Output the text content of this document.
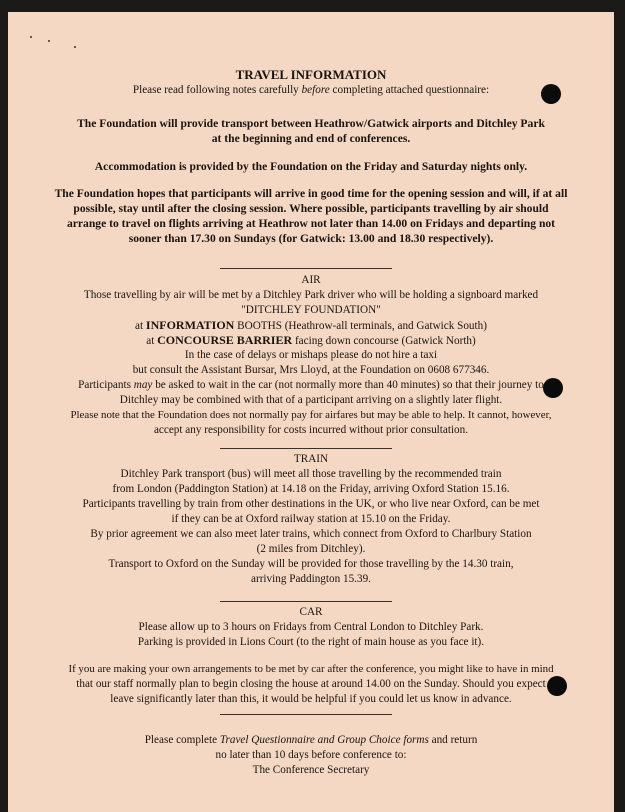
TRAVEL INFORMATION
Please read following notes carefully before completing attached questionnaire:
The Foundation will provide transport between Heathrow/Gatwick airports and Ditchley Park
at the beginning and end of conferences.
Accommodation is provided by the Foundation on the Friday and Saturday nights only.
The Foundation hopes that participants will arrive in good time for the opening session and will, if at all
possible, stay until after the closing session. Where possible, participants travelling by air should
arrange to travel on flights arriving at Heathrow not later than 14.00 on Fridays and departing not
sooner than 17.30 on Sundays (for Gatwick: 13.00 and 18.30 respectively).
AIR
Those travelling by air will be met by a Ditchley Park driver who will be holding a signboard marked
"DITCHLEY FOUNDATION"
at INFORMATION BOOTHS (Heathrow-all terminals, and Gatwick South)
at CONCOURSE BARRIER facing down concourse (Gatwick North)
In the case of delays or mishaps please do not hire a taxi
but consult the Assistant Bursar, Mrs Lloyd, at the Foundation on 0608 677346.
Participants may be asked to wait in the car (not normally more than 40 minutes) so that their journey to
Ditchley may be combined with that of a participant arriving on a slightly later flight.
Please note that the Foundation does not normally pay for airfares but may be able to help. It cannot, however,
accept any responsibility for costs incurred without prior consultation.
TRAIN
Ditchley Park transport (bus) will meet all those travelling by the recommended train
from London (Paddington Station) at 14.18 on the Friday, arriving Oxford Station 15.16.
Participants travelling by train from other destinations in the UK, or who live near Oxford, can be met
if they can be at Oxford railway station at 15.10 on the Friday.
By prior agreement we can also meet later trains, which connect from Oxford to Charlbury Station
(2 miles from Ditchley).
Transport to Oxford on the Sunday will be provided for those travelling by the 14.30 train,
arriving Paddington 15.39.
CAR
Please allow up to 3 hours on Fridays from Central London to Ditchley Park.
Parking is provided in Lions Court (to the right of main house as you face it).
If you are making your own arrangements to be met by car after the conference, you might like to have in mind
that our staff normally plan to begin closing the house at around 14.00 on the Sunday. Should you expect
leave significantly later than this, it would be helpful if you could let us know in advance.
Please complete Travel Questionnaire and Group Choice forms and return
no later than 10 days before conference to:
The Conference Secretary
